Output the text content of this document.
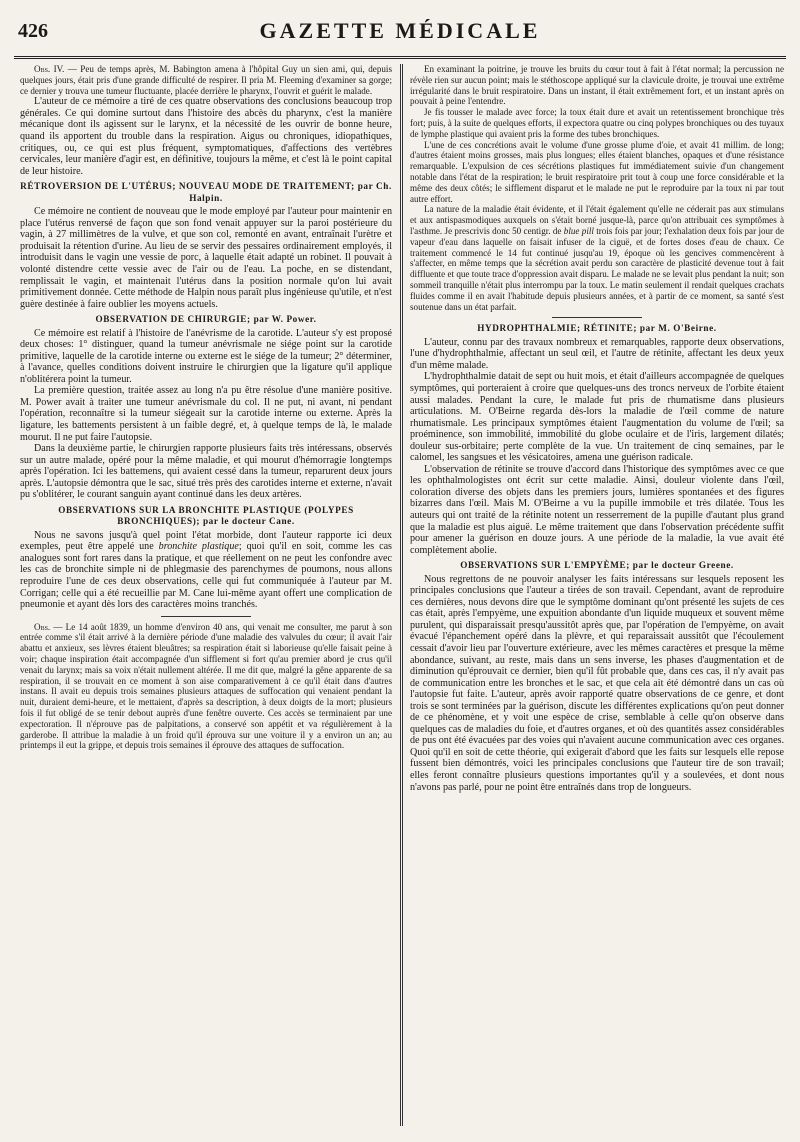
426	GAZETTE MÉDICALE

Obs. IV. — Peu de temps après, M. Babington amena à l'hôpital Guy un sien ami, qui, depuis quelques jours, était pris d'une grande difficulté de respirer. Il pria M. Fleeming d'examiner sa gorge; ce dernier y trouva une tumeur fluctuante, placée derrière le pharynx, l'ouvrit et guérit le malade.

L'auteur de ce mémoire a tiré de ces quatre observations des conclusions beaucoup trop générales. Ce qui domine surtout dans l'histoire des abcès du pharynx, c'est la manière mécanique dont ils agissent sur le larynx, et la nécessité de les ouvrir de bonne heure, quand ils apportent du trouble dans la respiration. Aigus ou chroniques, idiopathiques, critiques, ou, ce qui est plus fréquent, symptomatiques, d'affections des vertèbres cervicales, leur manière d'agir est, en définitive, toujours la même, et c'est là le point capital de leur histoire.

RÉTROVERSION DE L'UTÉRUS; NOUVEAU MODE DE TRAITEMENT; par Ch. Halpin.

Ce mémoire ne contient de nouveau que le mode employé par l'auteur pour maintenir en place l'utérus renversé de façon que son fond venait appuyer sur la paroi postérieure du vagin, à 27 millimètres de la vulve, et que son col, remonté en avant, entraînait l'urètre et produisait la rétention d'urine. Au lieu de se servir des pessaires ordinairement employés, il introduisit dans le vagin une vessie de porc, à laquelle était adapté un robinet. Il pouvait à volonté distendre cette vessie avec de l'air ou de l'eau. La poche, en se distendant, remplissait le vagin, et maintenait l'utérus dans la position normale qu'on lui avait primitivement donnée. Cette méthode de Halpin nous paraît plus ingénieuse qu'utile, et n'est guère destinée à faire oublier les moyens actuels.

OBSERVATION DE CHIRURGIE; par W. Power.

Ce mémoire est relatif à l'histoire de l'anévrisme de la carotide. L'auteur s'y est proposé deux choses: 1° distinguer, quand la tumeur anévrismale ne siége point sur la carotide primitive, laquelle de la carotide interne ou externe est le siége de la tumeur; 2° déterminer, à l'avance, quelles conditions doivent instruire le chirurgien que la ligature qu'il applique n'oblitérera point la tumeur.

La première question, traitée assez au long n'a pu être résolue d'une manière positive. M. Power avait à traiter une tumeur anévrismale du col. Il ne put, ni avant, ni pendant l'opération, reconnaître si la tumeur siégeait sur la carotide interne ou externe. Après la ligature, les battements persistent à un faible degré, et, à quelque temps de là, le malade mourut. Il ne put faire l'autopsie.

Dans la deuxième partie, le chirurgien rapporte plusieurs faits très intéressans, observés sur un autre malade, opéré pour la même maladie, et qui mourut d'hémorragie longtemps après l'opération. Ici les battemens, qui avaient cessé dans la tumeur, reparurent deux jours après. L'autopsie démontra que le sac, situé très près des carotides interne et externe, n'avait pu s'oblitérer, le courant sanguin ayant continué dans les deux artères.

OBSERVATIONS SUR LA BRONCHITE PLASTIQUE (POLYPES BRONCHIQUES); par le docteur Cane.

Nous ne savons jusqu'à quel point l'état morbide, dont l'auteur rapporte ici deux exemples, peut être appelé une bronchite plastique; quoi qu'il en soit, comme les cas analogues sont fort rares dans la pratique, et que réellement on ne peut les confondre avec les cas de bronchite simple ni de phlegmasie des parenchymes de poumons, nous allons reproduire l'une de ces deux observations, celle qui fut communiquée à l'auteur par M. Corrigan; celle qui a été recueillie par M. Cane lui-même ayant offert une complication de pneumonie et ayant dès lors des caractères moins tranchés.

Obs. — Le 14 août 1839, un homme d'environ 40 ans, qui venait me consulter, me parut à son entrée comme s'il était arrivé à la dernière période d'une maladie des valvules du cœur; il avait l'air abattu et anxieux, ses lèvres étaient bleuâtres; sa respiration était si laborieuse qu'elle faisait peine à voir; chaque inspiration était accompagnée d'un sifflement si fort qu'au premier abord je crus qu'il venait du larynx; mais sa voix n'était nullement altérée. Il me dit que, malgré la gêne apparente de sa respiration, il se trouvait en ce moment à son aise comparativement à ce qu'il était dans d'autres instans. Il avait eu depuis trois semaines plusieurs attaques de suffocation qui venaient pendant la nuit, duraient demi-heure, et le mettaient, d'après sa description, à deux doigts de la mort; plusieurs fois il fut obligé de se tenir debout auprès d'une fenêtre ouverte. Ces accès se terminaient par une expectoration. Il n'éprouve pas de palpitations, a conservé son appétit et va régulièrement à la garderobe. Il attribue la maladie à un froid qu'il éprouva sur une voiture il y a environ un an; au printemps il eut la grippe, et depuis trois semaines il éprouve des attaques de suffocation.

En examinant la poitrine, je trouve les bruits du cœur tout à fait à l'état normal; la percussion ne révèle rien sur aucun point; mais le stéthoscope appliqué sur la clavicule droite, je trouvai une extrême irrégularité dans le bruit respiratoire. Dans un instant, il était extrêmement fort, et un instant après on pouvait à peine l'entendre.

Je fis tousser le malade avec force; la toux était dure et avait un retentissement bronchique très fort; puis, à la suite de quelques efforts, il expectora quatre ou cinq polypes bronchiques ou des tuyaux de lymphe plastique qui avaient pris la forme des tubes bronchiques.

L'une de ces concrétions avait le volume d'une grosse plume d'oie, et avait 41 millim. de long; d'autres étaient moins grosses, mais plus longues; elles étaient blanches, opaques et d'une résistance remarquable. L'expulsion de ces sécrétions plastiques fut immédiatement suivie d'un changement notable dans l'état de la respiration; le bruit respiratoire prit tout à coup une force considérable et la même des deux côtés; le sifflement disparut et le malade ne put le reproduire par la toux ni par tout autre effort.

La nature de la maladie était évidente, et il l'était également qu'elle ne céderait pas aux stimulans et aux antispasmodiques auxquels on s'était borné jusque-là, parce qu'on attribuait ces symptômes à l'asthme. Je prescrivis donc 50 centigr. de blue pill trois fois par jour; l'exhalation deux fois par jour de vapeur d'eau dans laquelle on faisait infuser de la ciguë, et de fortes doses d'eau de chaux. Ce traitement commencé le 14 fut continué jusqu'au 19, époque où les gencives commencèrent à s'affecter, en même temps que la sécrétion avait perdu son caractère de plasticité devenue tout à fait diffluente et que toute trace d'oppression avait disparu. Le malade ne se levait plus pendant la nuit; son sommeil tranquille n'était plus interrompu par la toux. Le matin seulement il rendait quelques crachats fluides comme il en avait l'habitude depuis plusieurs années, et à partir de ce moment, sa santé s'est soutenue dans un état parfait.

HYDROPHTHALMIE; RÉTINITE; par M. O'Beirne.

L'auteur, connu par des travaux nombreux et remarquables, rapporte deux observations, l'une d'hydrophthalmie, affectant un seul œil, et l'autre de rétinite, affectant les deux yeux d'un même malade.

L'hydrophthalmie datait de sept ou huit mois, et était d'ailleurs accompagnée de quelques symptômes, qui porteraient à croire que quelques-uns des troncs nerveux de l'orbite étaient aussi malades. Pendant la cure, le malade fut pris de rhumatisme dans plusieurs articulations. M. O'Beirne regarda dès-lors la maladie de l'œil comme de nature rhumatismale. Les principaux symptômes étaient l'augmentation du volume de l'œil; sa proéminence, son immobilité, immobilité du globe oculaire et de l'iris, largement dilatés; douleur sus-orbitaire; perte complète de la vue. Un traitement de cinq semaines, par le calomel, les sangsues et les vésicatoires, amena une guérison radicale.

L'observation de rétinite se trouve d'accord dans l'historique des symptômes avec ce que les ophthalmologistes ont écrit sur cette maladie. Ainsi, douleur violente dans l'œil, coloration diverse des objets dans les premiers jours, lumières spontanées et des figures bizarres dans l'œil. Mais M. O'Beirne a vu la pupille immobile et très dilatée. Tous les auteurs qui ont traité de la rétinite notent un resserrement de la pupille d'autant plus grand que la maladie est plus aiguë. Le même traitement que dans l'observation précédente suffit pour amener la guérison en douze jours. A une période de la maladie, la vue avait été complètement abolie.

OBSERVATIONS SUR L'EMPYÈME; par le docteur Greene.

Nous regrettons de ne pouvoir analyser les faits intéressans sur lesquels reposent les principales conclusions que l'auteur a tirées de son travail. Cependant, avant de reproduire ces dernières, nous devons dire que le symptôme dominant qu'ont présenté les sujets de ces cas était, après l'empyème, une expuition abondante d'un liquide muqueux et souvent même purulent, qui disparaissait presqu'aussitôt après que, par l'opération de l'empyème, on avait évacué l'épanchement opéré dans la plèvre, et qui reparaissait aussitôt que l'écoulement cessait d'avoir lieu par l'ouverture extérieure, avec les mêmes caractères et presque la même abondance, suivant, au reste, mais dans un sens inverse, les phases d'augmentation et de diminution qu'éprouvait ce dernier, bien qu'il fût probable que, dans ces cas, il n'y avait pas de communication entre les bronches et le sac, et que cela ait été démontré dans un cas où l'autopsie fut faite. L'auteur, après avoir rapporté quatre observations de ce genre, et dont trois se sont terminées par la guérison, discute les différentes explications qu'on peut donner de ce phénomène, et y voit une espèce de crise, semblable à celle qu'on observe dans quelques cas de maladies du foie, et d'autres organes, et où des quantités assez considérables de pus ont été évacuées par des voies qui n'avaient aucune communication avec ces organes. Quoi qu'il en soit de cette théorie, qui exigerait d'abord que les faits sur lesquels elle repose fussent bien démontrés, voici les principales conclusions que l'auteur tire de son travail; elles feront connaître plusieurs questions importantes qu'il y a soulevées, et dont nous n'avons pas parlé, pour ne point être entraînés dans trop de longueurs.
